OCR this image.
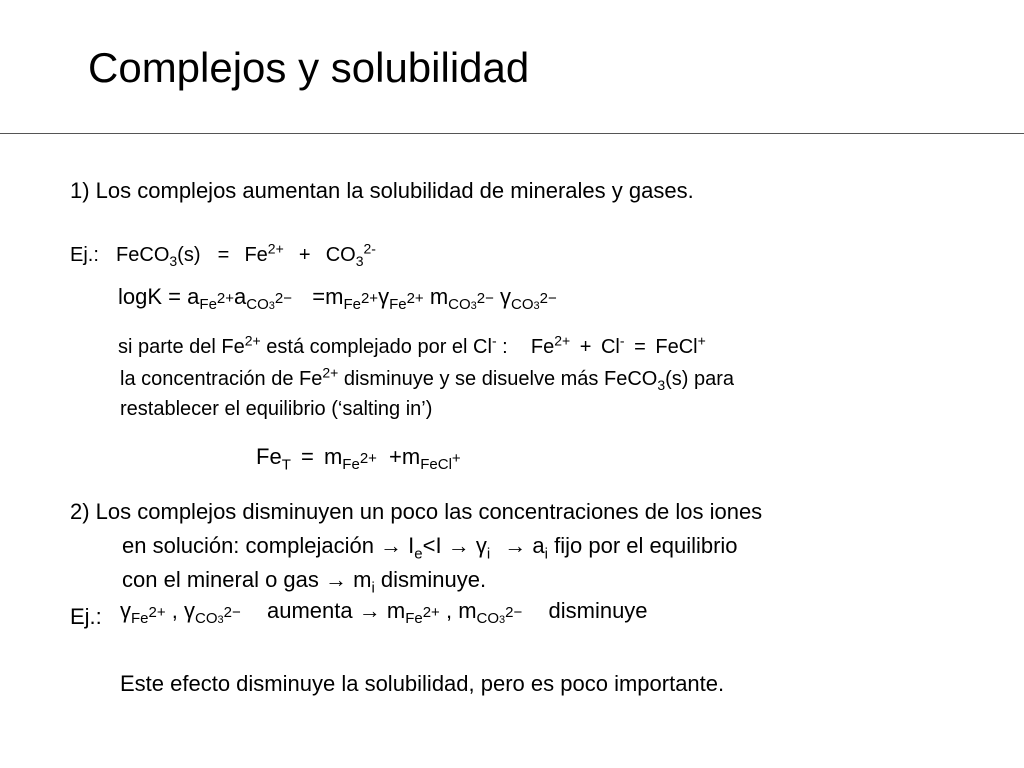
Complejos y solubilidad
1) Los complejos aumentan la solubilidad de minerales y gases.
Ej.: FeCO$_3$(s) = $Fe^{2+} + CO_3^{2-}$
$\log K = a_{Fe^{2+}}a_{CO3^{2-}} =m_{Fe^{2+}}\gamma_{Fe^{2+}}$ $m_{CO3^{2-}}$ $\gamma_{CO3^{2-}}$
si parte del $Fe^{2+}$ está complejado por el Cl- : $Fe^{2+} + Cl^-$ = FeCl+
la concentración de $Fe^{2+}$ disminuye y se disuelve más FeCO$_3$(s) para
restablecer el equilibrio (‘salting in’)
$Fe_T = m_{Fe^{2+}} +m_{FeCl^+}$
2) Los complejos disminuyen un poco las concentraciones de los iones
en solución: complejación → $I_e<I \to \gamma_i \to a_i$ fijo por el equilibrio
con el mineral o gas → $m_i$ disminuye.
Ej.: $\gamma_{Fe^{2+}}$ , $\gamma_{CO3^{2-}}$ aumenta → $m_{Fe^{2+}}$ , $m_{CO3^{2-}}$ disminuye
Este efecto disminuye la solubilidad, pero es poco importante.
